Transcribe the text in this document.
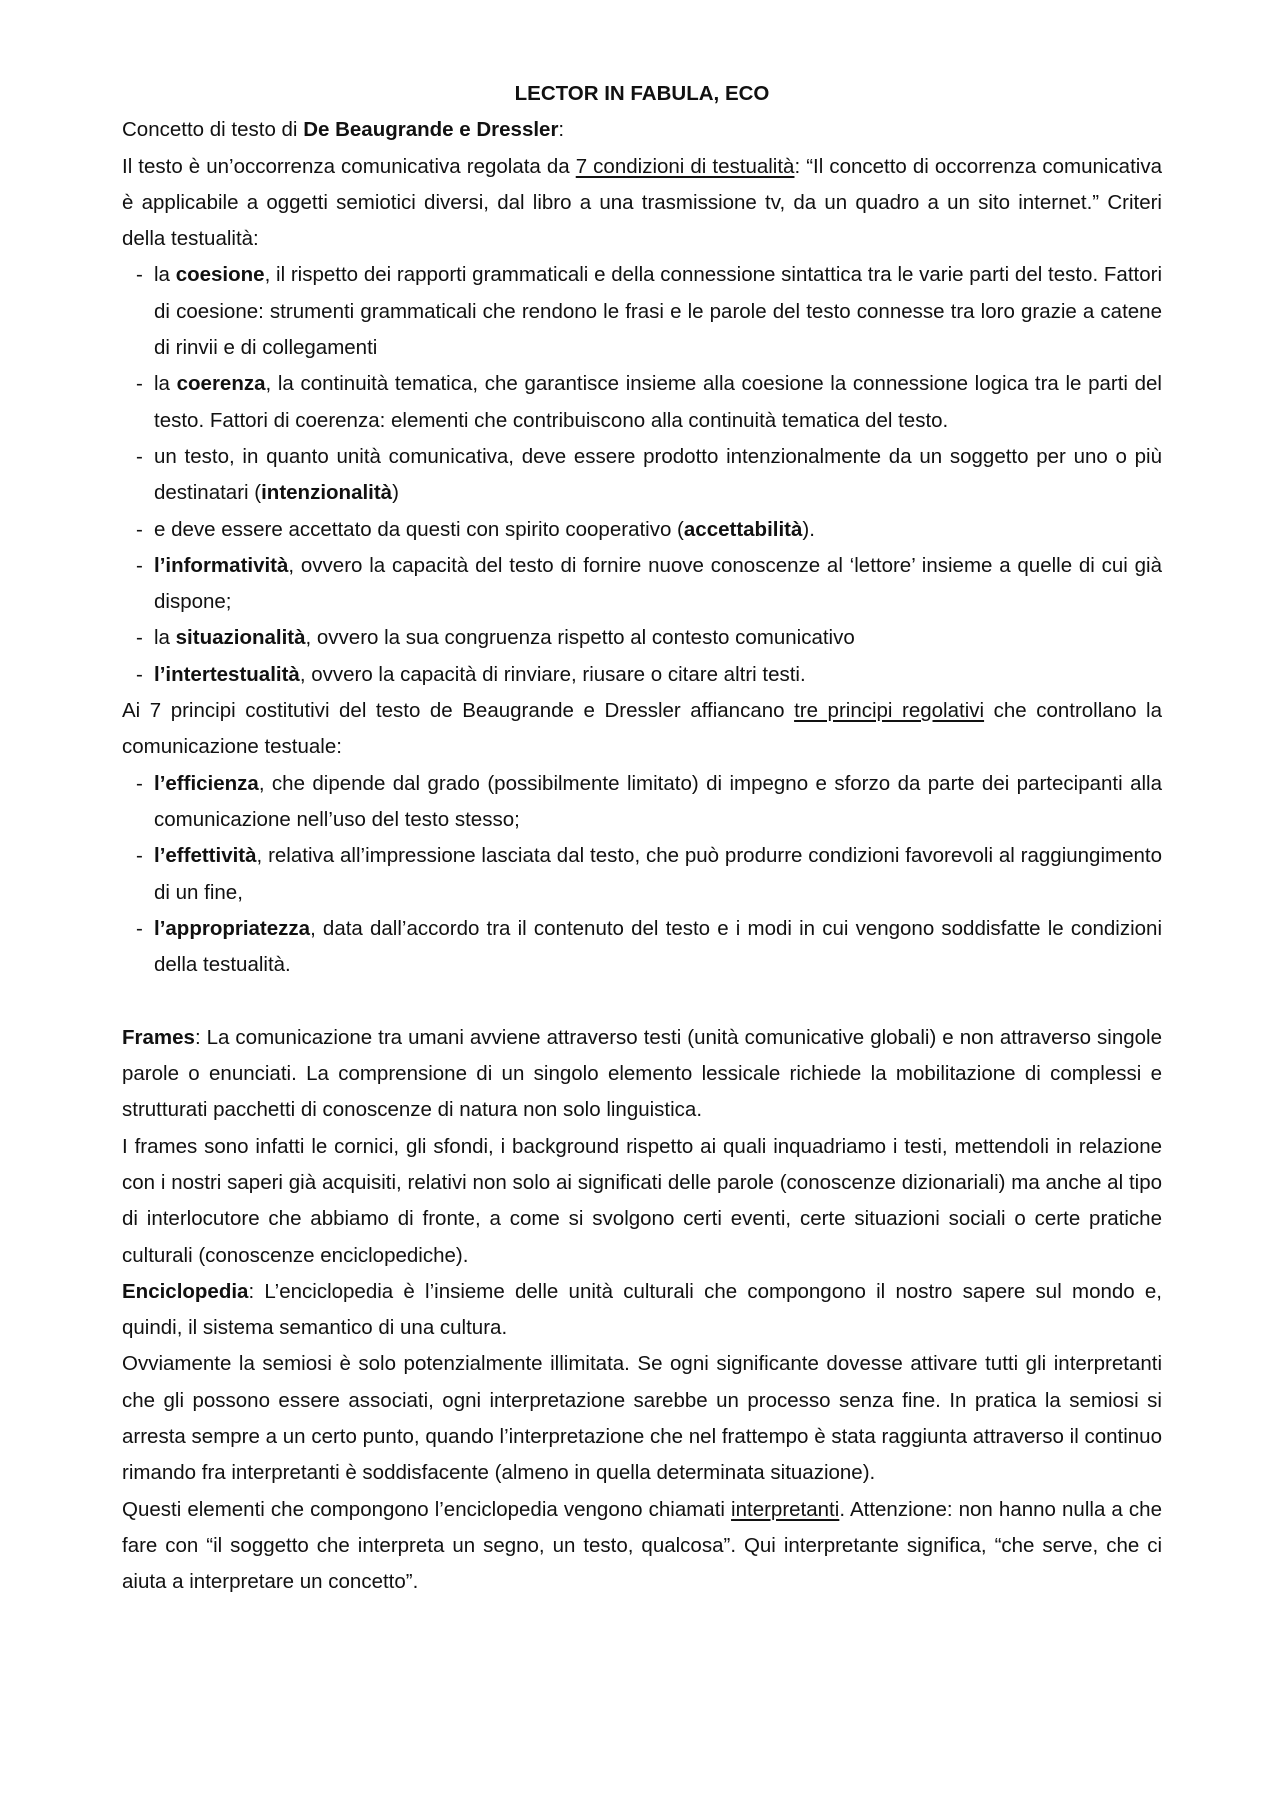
LECTOR IN FABULA, ECO

Concetto di testo di De Beaugrande e Dressler:

Il testo è un’occorrenza comunicativa regolata da 7 condizioni di testualità: “Il concetto di occorrenza comunicativa è applicabile a oggetti semiotici diversi, dal libro a una trasmissione tv, da un quadro a un sito internet.” Criteri della testualità:

- la coesione, il rispetto dei rapporti grammaticali e della connessione sintattica tra le varie parti del testo. Fattori di coesione: strumenti grammaticali che rendono le frasi e le parole del testo connesse tra loro grazie a catene di rinvii e di collegamenti
- la coerenza, la continuità tematica, che garantisce insieme alla coesione la connessione logica tra le parti del testo. Fattori di coerenza: elementi che contribuiscono alla continuità tematica del testo.
- un testo, in quanto unità comunicativa, deve essere prodotto intenzionalmente da un soggetto per uno o più destinatari (intenzionalità)
- e deve essere accettato da questi con spirito cooperativo (accettabilità).
- l’informatività, ovvero la capacità del testo di fornire nuove conoscenze al ‘lettore’ insieme a quelle di cui già dispone;
- la situazionalità, ovvero la sua congruenza rispetto al contesto comunicativo
- l’intertestualità, ovvero la capacità di rinviare, riusare o citare altri testi.

Ai 7 principi costitutivi del testo de Beaugrande e Dressler affiancano tre principi regolativi che controllano la comunicazione testuale:

- l’efficienza, che dipende dal grado (possibilmente limitato) di impegno e sforzo da parte dei partecipanti alla comunicazione nell’uso del testo stesso;
- l’effettività, relativa all’impressione lasciata dal testo, che può produrre condizioni favorevoli al raggiungimento di un fine,
- l’appropriatezza, data dall’accordo tra il contenuto del testo e i modi in cui vengono soddisfatte le condizioni della testualità.

Frames: La comunicazione tra umani avviene attraverso testi (unità comunicative globali) e non attraverso singole parole o enunciati. La comprensione di un singolo elemento lessicale richiede la mobilitazione di complessi e strutturati pacchetti di conoscenze di natura non solo linguistica.

I frames sono infatti le cornici, gli sfondi, i background rispetto ai quali inquadriamo i testi, mettendoli in relazione con i nostri saperi già acquisiti, relativi non solo ai significati delle parole (conoscenze dizionariali) ma anche al tipo di interlocutore che abbiamo di fronte, a come si svolgono certi eventi, certe situazioni sociali o certe pratiche culturali (conoscenze enciclopediche).

Enciclopedia: L’enciclopedia è l’insieme delle unità culturali che compongono il nostro sapere sul mondo e, quindi, il sistema semantico di una cultura.

Ovviamente la semiosi è solo potenzialmente illimitata. Se ogni significante dovesse attivare tutti gli interpretanti che gli possono essere associati, ogni interpretazione sarebbe un processo senza fine. In pratica la semiosi si arresta sempre a un certo punto, quando l’interpretazione che nel frattempo è stata raggiunta attraverso il continuo rimando fra interpretanti è soddisfacente (almeno in quella determinata situazione).

Questi elementi che compongono l’enciclopedia vengono chiamati interpretanti. Attenzione: non hanno nulla a che fare con “il soggetto che interpreta un segno, un testo, qualcosa”. Qui interpretante significa, “che serve, che ci aiuta a interpretare un concetto”.
